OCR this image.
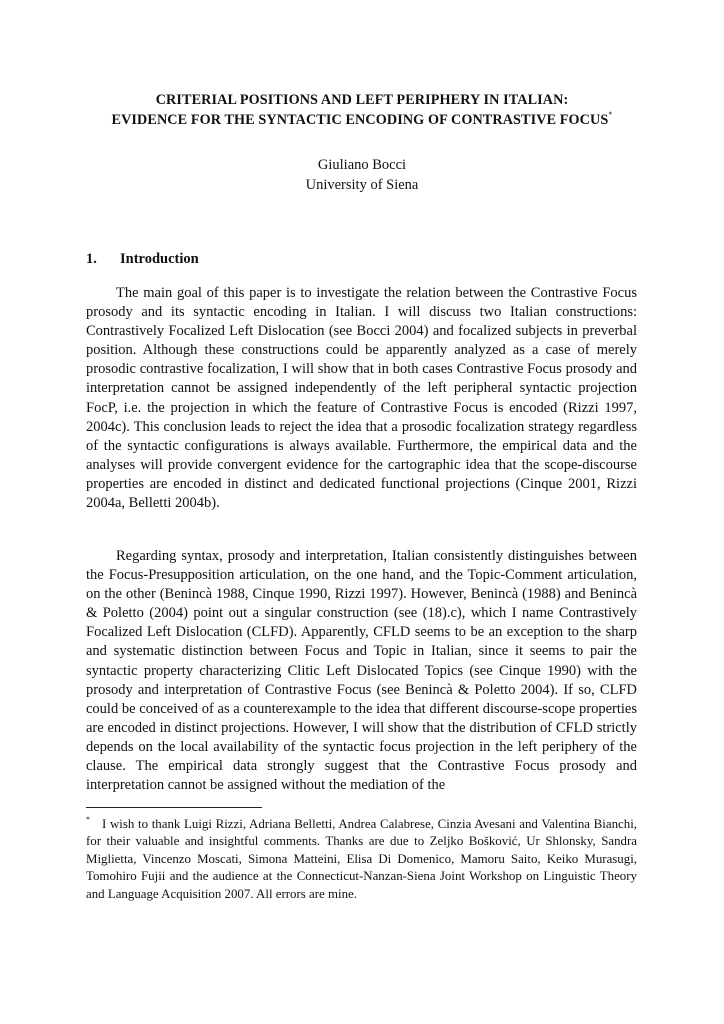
CRITERIAL POSITIONS AND LEFT PERIPHERY IN ITALIAN:
EVIDENCE FOR THE SYNTACTIC ENCODING OF CONTRASTIVE FOCUS*
Giuliano Bocci
University of Siena
1. Introduction

The main goal of this paper is to investigate the relation between the Contrastive Focus prosody and its syntactic encoding in Italian. I will discuss two Italian constructions: Contrastively Focalized Left Dislocation (see Bocci 2004) and focalized subjects in preverbal position. Although these constructions could be apparently analyzed as a case of merely prosodic contrastive focalization, I will show that in both cases Contrastive Focus prosody and interpretation cannot be assigned independently of the left peripheral syntactic projection FocP, i.e. the projection in which the feature of Contrastive Focus is encoded (Rizzi 1997, 2004c). This conclusion leads to reject the idea that a prosodic focalization strategy regardless of the syntactic configurations is always available. Furthermore, the empirical data and the analyses will provide convergent evidence for the cartographic idea that the scope-discourse properties are encoded in distinct and dedicated functional projections (Cinque 2001, Rizzi 2004a, Belletti 2004b).

Regarding syntax, prosody and interpretation, Italian consistently distinguishes between the Focus-Presupposition articulation, on the one hand, and the Topic-Comment articulation, on the other (Benincà 1988, Cinque 1990, Rizzi 1997). However, Benincà (1988) and Benincà & Poletto (2004) point out a singular construction (see (18).c), which I name Contrastively Focalized Left Dislocation (CLFD). Apparently, CFLD seems to be an exception to the sharp and systematic distinction between Focus and Topic in Italian, since it seems to pair the syntactic property characterizing Clitic Left Dislocated Topics (see Cinque 1990) with the prosody and interpretation of Contrastive Focus (see Benincà & Poletto 2004). If so, CLFD could be conceived of as a counterexample to the idea that different discourse-scope properties are encoded in distinct projections. However, I will show that the distribution of CFLD strictly depends on the local availability of the syntactic focus projection in the left periphery of the clause. The empirical data strongly suggest that the Contrastive Focus prosody and interpretation cannot be assigned without the mediation of the

* I wish to thank Luigi Rizzi, Adriana Belletti, Andrea Calabrese, Cinzia Avesani and Valentina Bianchi, for their valuable and insightful comments. Thanks are due to Zeljko Bošković, Ur Shlonsky, Sandra Miglietta, Vincenzo Moscati, Simona Matteini, Elisa Di Domenico, Mamoru Saito, Keiko Murasugi, Tomohiro Fujii and the audience at the Connecticut-Nanzan-Siena Joint Workshop on Linguistic Theory and Language Acquisition 2007. All errors are mine.
